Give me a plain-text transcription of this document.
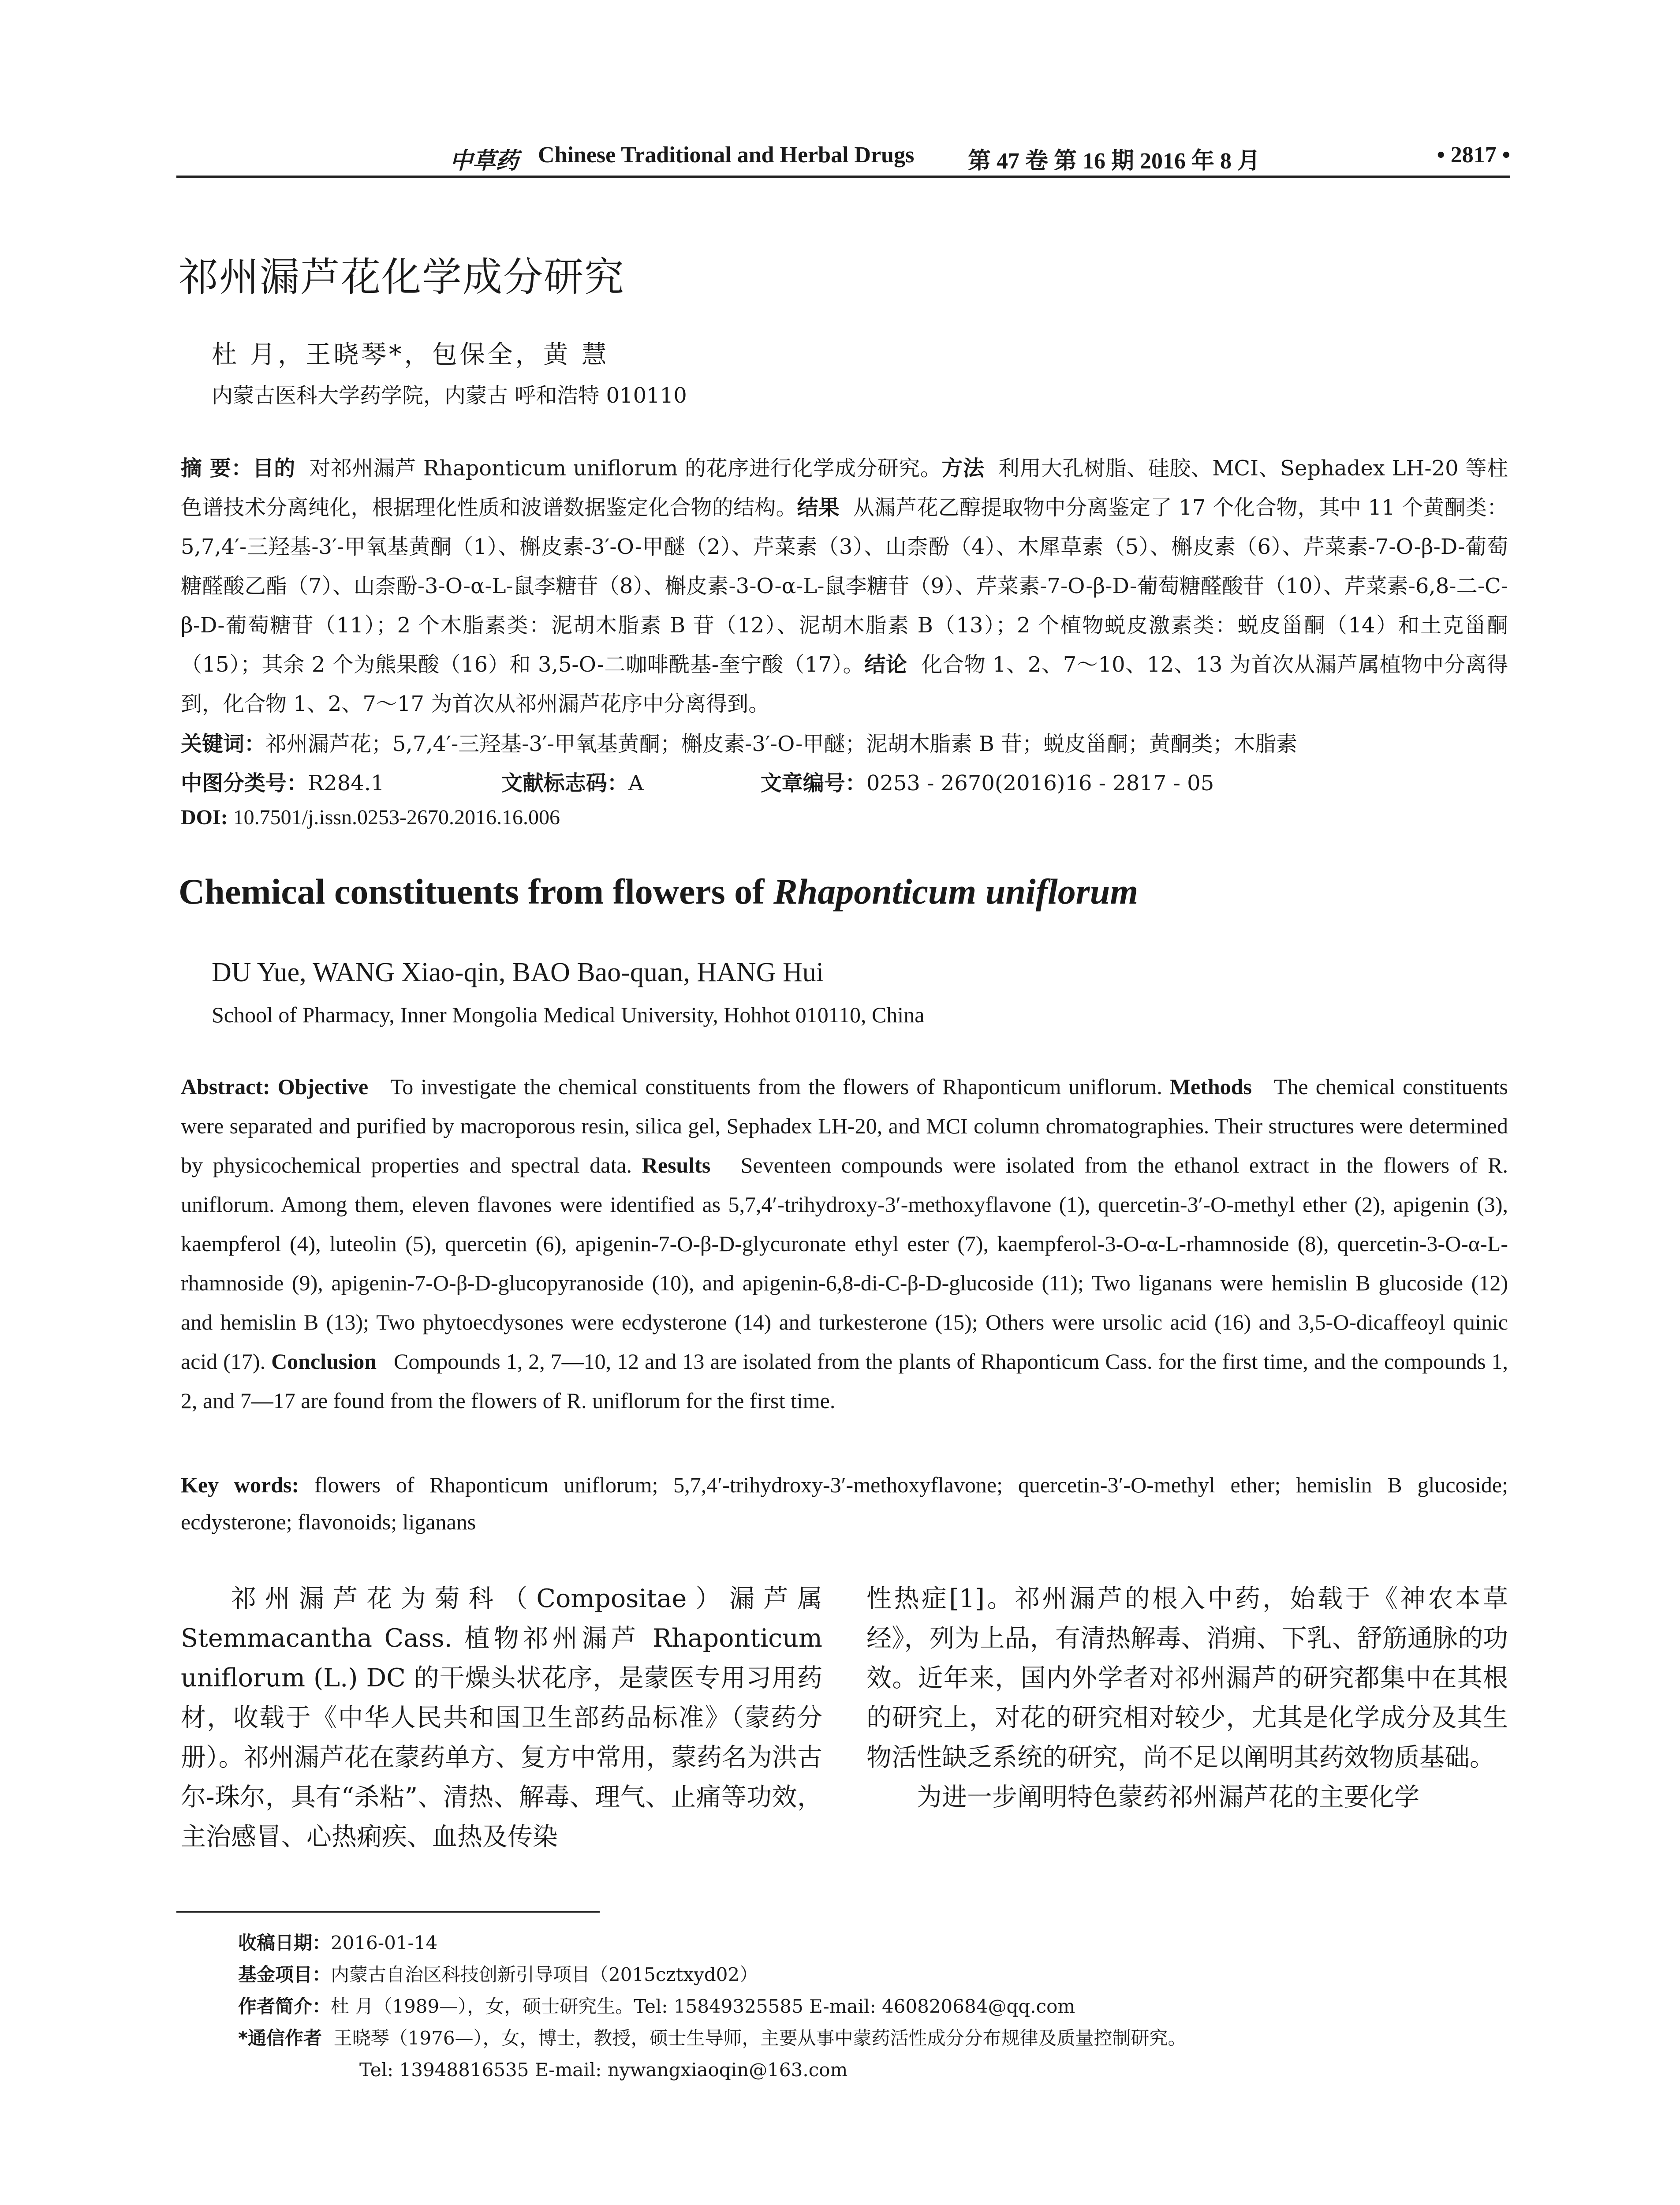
中草药 Chinese Traditional and Herbal Drugs 第 47 卷 第 16 期 2016 年 8 月	• 2817 •
祁州漏芦花化学成分研究
杜 月，王晓琴*，包保全，黄 慧
内蒙古医科大学药学院，内蒙古 呼和浩特 010110
摘 要：目的 对祁州漏芦 Rhaponticum uniflorum 的花序进行化学成分研究。方法 利用大孔树脂、硅胶、MCI、Sephadex LH-20 等柱色谱技术分离纯化，根据理化性质和波谱数据鉴定化合物的结构。结果 从漏芦花乙醇提取物中分离鉴定了 17 个化合物，其中 11 个黄酮类：5,7,4′-三羟基-3′-甲氧基黄酮（1）、槲皮素-3′-O-甲醚（2）、芹菜素（3）、山柰酚（4）、木犀草素（5）、槲皮素（6）、芹菜素-7-O-β-D-葡萄糖醛酸乙酯（7）、山柰酚-3-O-α-L-鼠李糖苷（8）、槲皮素-3-O-α-L-鼠李糖苷（9）、芹菜素-7-O-β-D-葡萄糖醛酸苷（10）、芹菜素-6,8-二-C-β-D-葡萄糖苷（11）；2 个木脂素类：泥胡木脂素 B 苷（12）、泥胡木脂素 B（13）；2 个植物蜕皮激素类：蜕皮甾酮（14）和土克甾酮（15）；其余 2 个为熊果酸（16）和 3,5-O-二咖啡酰基-奎宁酸（17）。结论 化合物 1、2、7～10、12、13 为首次从漏芦属植物中分离得到，化合物 1、2、7～17 为首次从祁州漏芦花序中分离得到。
关键词：祁州漏芦花；5,7,4′-三羟基-3′-甲氧基黄酮；槲皮素-3′-O-甲醚；泥胡木脂素 B 苷；蜕皮甾酮；黄酮类；木脂素
中图分类号：R284.1	文献标志码：A	文章编号：0253 - 2670(2016)16 - 2817 - 05
DOI: 10.7501/j.issn.0253-2670.2016.16.006
Chemical constituents from flowers of Rhaponticum uniflorum
DU Yue, WANG Xiao-qin, BAO Bao-quan, HANG Hui
School of Pharmacy, Inner Mongolia Medical University, Hohhot 010110, China
Abstract: Objective To investigate the chemical constituents from the flowers of Rhaponticum uniflorum. Methods The chemical constituents were separated and purified by macroporous resin, silica gel, Sephadex LH-20, and MCI column chromatographies. Their structures were determined by physicochemical properties and spectral data. Results Seventeen compounds were isolated from the ethanol extract in the flowers of R. uniflorum. Among them, eleven flavones were identified as 5,7,4′-trihydroxy-3′-methoxyflavone (1), quercetin-3′-O-methyl ether (2), apigenin (3), kaempferol (4), luteolin (5), quercetin (6), apigenin-7-O-β-D-glycuronate ethyl ester (7), kaempferol-3-O-α-L-rhamnoside (8), quercetin-3-O-α-L-rhamnoside (9), apigenin-7-O-β-D-glucopyranoside (10), and apigenin-6,8-di-C-β-D-glucoside (11); Two liganans were hemislin B glucoside (12) and hemislin B (13); Two phytoecdysones were ecdysterone (14) and turkesterone (15); Others were ursolic acid (16) and 3,5-O-dicaffeoyl quinic acid (17). Conclusion Compounds 1, 2, 7—10, 12 and 13 are isolated from the plants of Rhaponticum Cass. for the first time, and the compounds 1, 2, and 7—17 are found from the flowers of R. uniflorum for the first time.
Key words: flowers of Rhaponticum uniflorum; 5,7,4′-trihydroxy-3′-methoxyflavone; quercetin-3′-O-methyl ether; hemislin B glucoside; ecdysterone; flavonoids; liganans
祁州漏芦花为菊科（Compositae）漏芦属 Stemmacantha Cass. 植物祁州漏芦 Rhaponticum uniflorum (L.) DC 的干燥头状花序，是蒙医专用习用药材，收载于《中华人民共和国卫生部药品标准》（蒙药分册）。祁州漏芦花在蒙药单方、复方中常用，蒙药名为洪古尔-珠尔，具有“杀粘”、清热、解毒、理气、止痛等功效，主治感冒、心热痢疾、血热及传染
性热症[1]。祁州漏芦的根入中药，始载于《神农本草经》，列为上品，有清热解毒、消痈、下乳、舒筋通脉的功效。近年来，国内外学者对祁州漏芦的研究都集中在其根的研究上，对花的研究相对较少，尤其是化学成分及其生物活性缺乏系统的研究，尚不足以阐明其药效物质基础。
为进一步阐明特色蒙药祁州漏芦花的主要化学
收稿日期：2016-01-14
基金项目：内蒙古自治区科技创新引导项目（2015cztxyd02）
作者简介：杜 月（1989—），女，硕士研究生。Tel: 15849325585 E-mail: 460820684@qq.com
*通信作者 王晓琴（1976—），女，博士，教授，硕士生导师，主要从事中蒙药活性成分分布规律及质量控制研究。
Tel: 13948816535 E-mail: nywangxiaoqin@163.com
